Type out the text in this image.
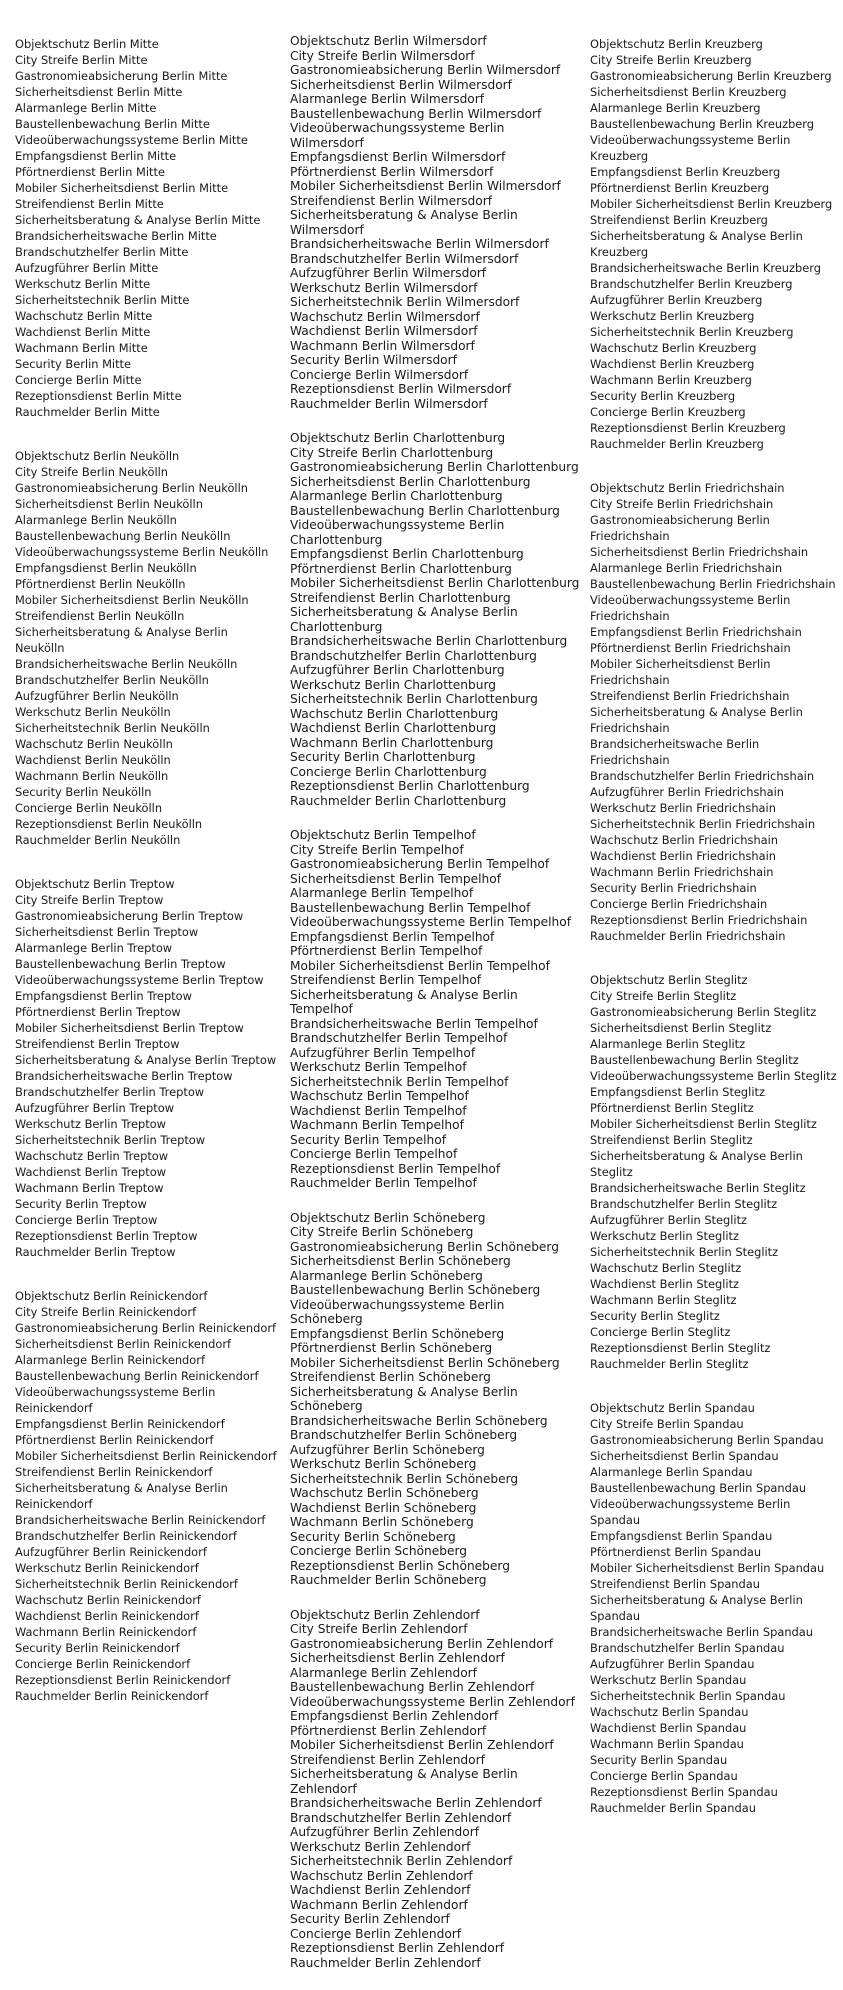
Objektschutz Berlin Mitte
City Streife Berlin Mitte
Gastronomieabsicherung Berlin Mitte
Sicherheitsdienst Berlin Mitte
Alarmanlege Berlin Mitte
Baustellenbewachung Berlin Mitte
Videoüberwachungssysteme Berlin Mitte
Empfangsdienst Berlin Mitte
Pförtnerdienst Berlin Mitte
Mobiler Sicherheitsdienst Berlin Mitte
Streifendienst Berlin Mitte
Sicherheitsberatung & Analyse Berlin Mitte
Brandsicherheitswache Berlin Mitte
Brandschutzhelfer Berlin Mitte
Aufzugführer Berlin Mitte
Werkschutz Berlin Mitte
Sicherheitstechnik Berlin Mitte
Wachschutz Berlin Mitte
Wachdienst Berlin Mitte
Wachmann Berlin Mitte
Security Berlin Mitte
Concierge Berlin Mitte
Rezeptionsdienst Berlin Mitte
Rauchmelder Berlin Mitte
Objektschutz Berlin Neukölln
City Streife Berlin Neukölln
Gastronomieabsicherung Berlin Neukölln
Sicherheitsdienst Berlin Neukölln
Alarmanlege Berlin Neukölln
Baustellenbewachung Berlin Neukölln
Videoüberwachungssysteme Berlin Neukölln
Empfangsdienst Berlin Neukölln
Pförtnerdienst Berlin Neukölln
Mobiler Sicherheitsdienst Berlin Neukölln
Streifendienst Berlin Neukölln
Sicherheitsberatung & Analyse Berlin Neukölln
Brandsicherheitswache Berlin Neukölln
Brandschutzhelfer Berlin Neukölln
Aufzugführer Berlin Neukölln
Werkschutz Berlin Neukölln
Sicherheitstechnik Berlin Neukölln
Wachschutz Berlin Neukölln
Wachdienst Berlin Neukölln
Wachmann Berlin Neukölln
Security Berlin Neukölln
Concierge Berlin Neukölln
Rezeptionsdienst Berlin Neukölln
Rauchmelder Berlin Neukölln
Objektschutz Berlin Treptow
City Streife Berlin Treptow
Gastronomieabsicherung Berlin Treptow
Sicherheitsdienst Berlin Treptow
Alarmanlege Berlin Treptow
Baustellenbewachung Berlin Treptow
Videoüberwachungssysteme Berlin Treptow
Empfangsdienst Berlin Treptow
Pförtnerdienst Berlin Treptow
Mobiler Sicherheitsdienst Berlin Treptow
Streifendienst Berlin Treptow
Sicherheitsberatung & Analyse Berlin Treptow
Brandsicherheitswache Berlin Treptow
Brandschutzhelfer Berlin Treptow
Aufzugführer Berlin Treptow
Werkschutz Berlin Treptow
Sicherheitstechnik Berlin Treptow
Wachschutz Berlin Treptow
Wachdienst Berlin Treptow
Wachmann Berlin Treptow
Security Berlin Treptow
Concierge Berlin Treptow
Rezeptionsdienst Berlin Treptow
Rauchmelder Berlin Treptow
Objektschutz Berlin Reinickendorf
City Streife Berlin Reinickendorf
Gastronomieabsicherung Berlin Reinickendorf
Sicherheitsdienst Berlin Reinickendorf
Alarmanlege Berlin Reinickendorf
Baustellenbewachung Berlin Reinickendorf
Videoüberwachungssysteme Berlin Reinickendorf
Empfangsdienst Berlin Reinickendorf
Pförtnerdienst Berlin Reinickendorf
Mobiler Sicherheitsdienst Berlin Reinickendorf
Streifendienst Berlin Reinickendorf
Sicherheitsberatung & Analyse Berlin Reinickendorf
Brandsicherheitswache Berlin Reinickendorf
Brandschutzhelfer Berlin Reinickendorf
Aufzugführer Berlin Reinickendorf
Werkschutz Berlin Reinickendorf
Sicherheitstechnik Berlin Reinickendorf
Wachschutz Berlin Reinickendorf
Wachdienst Berlin Reinickendorf
Wachmann Berlin Reinickendorf
Security Berlin Reinickendorf
Concierge Berlin Reinickendorf
Rezeptionsdienst Berlin Reinickendorf
Rauchmelder Berlin Reinickendorf
Objektschutz Berlin Wilmersdorf
City Streife Berlin Wilmersdorf
Gastronomieabsicherung Berlin Wilmersdorf
Sicherheitsdienst Berlin Wilmersdorf
Alarmanlege Berlin Wilmersdorf
Baustellenbewachung Berlin Wilmersdorf
Videoüberwachungssysteme Berlin Wilmersdorf
Empfangsdienst Berlin Wilmersdorf
Pförtnerdienst Berlin Wilmersdorf
Mobiler Sicherheitsdienst Berlin Wilmersdorf
Streifendienst Berlin Wilmersdorf
Sicherheitsberatung & Analyse Berlin Wilmersdorf
Brandsicherheitswache Berlin Wilmersdorf
Brandschutzhelfer Berlin Wilmersdorf
Aufzugführer Berlin Wilmersdorf
Werkschutz Berlin Wilmersdorf
Sicherheitstechnik Berlin Wilmersdorf
Wachschutz Berlin Wilmersdorf
Wachdienst Berlin Wilmersdorf
Wachmann Berlin Wilmersdorf
Security Berlin Wilmersdorf
Concierge Berlin Wilmersdorf
Rezeptionsdienst Berlin Wilmersdorf
Rauchmelder Berlin Wilmersdorf
Objektschutz Berlin Charlottenburg
City Streife Berlin Charlottenburg
Gastronomieabsicherung Berlin Charlottenburg
Sicherheitsdienst Berlin Charlottenburg
Alarmanlege Berlin Charlottenburg
Baustellenbewachung Berlin Charlottenburg
Videoüberwachungssysteme Berlin Charlottenburg
Empfangsdienst Berlin Charlottenburg
Pförtnerdienst Berlin Charlottenburg
Mobiler Sicherheitsdienst Berlin Charlottenburg
Streifendienst Berlin Charlottenburg
Sicherheitsberatung & Analyse Berlin Charlottenburg
Brandsicherheitswache Berlin Charlottenburg
Brandschutzhelfer Berlin Charlottenburg
Aufzugführer Berlin Charlottenburg
Werkschutz Berlin Charlottenburg
Sicherheitstechnik Berlin Charlottenburg
Wachschutz Berlin Charlottenburg
Wachdienst Berlin Charlottenburg
Wachmann Berlin Charlottenburg
Security Berlin Charlottenburg
Concierge Berlin Charlottenburg
Rezeptionsdienst Berlin Charlottenburg
Rauchmelder Berlin Charlottenburg
Objektschutz Berlin Tempelhof
City Streife Berlin Tempelhof
Gastronomieabsicherung Berlin Tempelhof
Sicherheitsdienst Berlin Tempelhof
Alarmanlege Berlin Tempelhof
Baustellenbewachung Berlin Tempelhof
Videoüberwachungssysteme Berlin Tempelhof
Empfangsdienst Berlin Tempelhof
Pförtnerdienst Berlin Tempelhof
Mobiler Sicherheitsdienst Berlin Tempelhof
Streifendienst Berlin Tempelhof
Sicherheitsberatung & Analyse Berlin Tempelhof
Brandsicherheitswache Berlin Tempelhof
Brandschutzhelfer Berlin Tempelhof
Aufzugführer Berlin Tempelhof
Werkschutz Berlin Tempelhof
Sicherheitstechnik Berlin Tempelhof
Wachschutz Berlin Tempelhof
Wachdienst Berlin Tempelhof
Wachmann Berlin Tempelhof
Security Berlin Tempelhof
Concierge Berlin Tempelhof
Rezeptionsdienst Berlin Tempelhof
Rauchmelder Berlin Tempelhof
Objektschutz Berlin Schöneberg
City Streife Berlin Schöneberg
Gastronomieabsicherung Berlin Schöneberg
Sicherheitsdienst Berlin Schöneberg
Alarmanlege Berlin Schöneberg
Baustellenbewachung Berlin Schöneberg
Videoüberwachungssysteme Berlin Schöneberg
Empfangsdienst Berlin Schöneberg
Pförtnerdienst Berlin Schöneberg
Mobiler Sicherheitsdienst Berlin Schöneberg
Streifendienst Berlin Schöneberg
Sicherheitsberatung & Analyse Berlin Schöneberg
Brandsicherheitswache Berlin Schöneberg
Brandschutzhelfer Berlin Schöneberg
Aufzugführer Berlin Schöneberg
Werkschutz Berlin Schöneberg
Sicherheitstechnik Berlin Schöneberg
Wachschutz Berlin Schöneberg
Wachdienst Berlin Schöneberg
Wachmann Berlin Schöneberg
Security Berlin Schöneberg
Concierge Berlin Schöneberg
Rezeptionsdienst Berlin Schöneberg
Rauchmelder Berlin Schöneberg
Objektschutz Berlin Zehlendorf
City Streife Berlin Zehlendorf
Gastronomieabsicherung Berlin Zehlendorf
Sicherheitsdienst Berlin Zehlendorf
Alarmanlege Berlin Zehlendorf
Baustellenbewachung Berlin Zehlendorf
Videoüberwachungssysteme Berlin Zehlendorf
Empfangsdienst Berlin Zehlendorf
Pförtnerdienst Berlin Zehlendorf
Mobiler Sicherheitsdienst Berlin Zehlendorf
Streifendienst Berlin Zehlendorf
Sicherheitsberatung & Analyse Berlin Zehlendorf
Brandsicherheitswache Berlin Zehlendorf
Brandschutzhelfer Berlin Zehlendorf
Aufzugführer Berlin Zehlendorf
Werkschutz Berlin Zehlendorf
Sicherheitstechnik Berlin Zehlendorf
Wachschutz Berlin Zehlendorf
Wachdienst Berlin Zehlendorf
Wachmann Berlin Zehlendorf
Security Berlin Zehlendorf
Concierge Berlin Zehlendorf
Rezeptionsdienst Berlin Zehlendorf
Rauchmelder Berlin Zehlendorf
Objektschutz Berlin Kreuzberg
City Streife Berlin Kreuzberg
Gastronomieabsicherung Berlin Kreuzberg
Sicherheitsdienst Berlin Kreuzberg
Alarmanlege Berlin Kreuzberg
Baustellenbewachung Berlin Kreuzberg
Videoüberwachungssysteme Berlin Kreuzberg
Empfangsdienst Berlin Kreuzberg
Pförtnerdienst Berlin Kreuzberg
Mobiler Sicherheitsdienst Berlin Kreuzberg
Streifendienst Berlin Kreuzberg
Sicherheitsberatung & Analyse Berlin Kreuzberg
Brandsicherheitswache Berlin Kreuzberg
Brandschutzhelfer Berlin Kreuzberg
Aufzugführer Berlin Kreuzberg
Werkschutz Berlin Kreuzberg
Sicherheitstechnik Berlin Kreuzberg
Wachschutz Berlin Kreuzberg
Wachdienst Berlin Kreuzberg
Wachmann Berlin Kreuzberg
Security Berlin Kreuzberg
Concierge Berlin Kreuzberg
Rezeptionsdienst Berlin Kreuzberg
Rauchmelder Berlin Kreuzberg
Objektschutz Berlin Friedrichshain
City Streife Berlin Friedrichshain
Gastronomieabsicherung Berlin Friedrichshain
Sicherheitsdienst Berlin Friedrichshain
Alarmanlege Berlin Friedrichshain
Baustellenbewachung Berlin Friedrichshain
Videoüberwachungssysteme Berlin Friedrichshain
Empfangsdienst Berlin Friedrichshain
Pförtnerdienst Berlin Friedrichshain
Mobiler Sicherheitsdienst Berlin Friedrichshain
Streifendienst Berlin Friedrichshain
Sicherheitsberatung & Analyse Berlin Friedrichshain
Brandsicherheitswache Berlin Friedrichshain
Brandschutzhelfer Berlin Friedrichshain
Aufzugführer Berlin Friedrichshain
Werkschutz Berlin Friedrichshain
Sicherheitstechnik Berlin Friedrichshain
Wachschutz Berlin Friedrichshain
Wachdienst Berlin Friedrichshain
Wachmann Berlin Friedrichshain
Security Berlin Friedrichshain
Concierge Berlin Friedrichshain
Rezeptionsdienst Berlin Friedrichshain
Rauchmelder Berlin Friedrichshain
Objektschutz Berlin Steglitz
City Streife Berlin Steglitz
Gastronomieabsicherung Berlin Steglitz
Sicherheitsdienst Berlin Steglitz
Alarmanlege Berlin Steglitz
Baustellenbewachung Berlin Steglitz
Videoüberwachungssysteme Berlin Steglitz
Empfangsdienst Berlin Steglitz
Pförtnerdienst Berlin Steglitz
Mobiler Sicherheitsdienst Berlin Steglitz
Streifendienst Berlin Steglitz
Sicherheitsberatung & Analyse Berlin Steglitz
Brandsicherheitswache Berlin Steglitz
Brandschutzhelfer Berlin Steglitz
Aufzugführer Berlin Steglitz
Werkschutz Berlin Steglitz
Sicherheitstechnik Berlin Steglitz
Wachschutz Berlin Steglitz
Wachdienst Berlin Steglitz
Wachmann Berlin Steglitz
Security Berlin Steglitz
Concierge Berlin Steglitz
Rezeptionsdienst Berlin Steglitz
Rauchmelder Berlin Steglitz
Objektschutz Berlin Spandau
City Streife Berlin Spandau
Gastronomieabsicherung Berlin Spandau
Sicherheitsdienst Berlin Spandau
Alarmanlege Berlin Spandau
Baustellenbewachung Berlin Spandau
Videoüberwachungssysteme Berlin Spandau
Empfangsdienst Berlin Spandau
Pförtnerdienst Berlin Spandau
Mobiler Sicherheitsdienst Berlin Spandau
Streifendienst Berlin Spandau
Sicherheitsberatung & Analyse Berlin Spandau
Brandsicherheitswache Berlin Spandau
Brandschutzhelfer Berlin Spandau
Aufzugführer Berlin Spandau
Werkschutz Berlin Spandau
Sicherheitstechnik Berlin Spandau
Wachschutz Berlin Spandau
Wachdienst Berlin Spandau
Wachmann Berlin Spandau
Security Berlin Spandau
Concierge Berlin Spandau
Rezeptionsdienst Berlin Spandau
Rauchmelder Berlin Spandau
